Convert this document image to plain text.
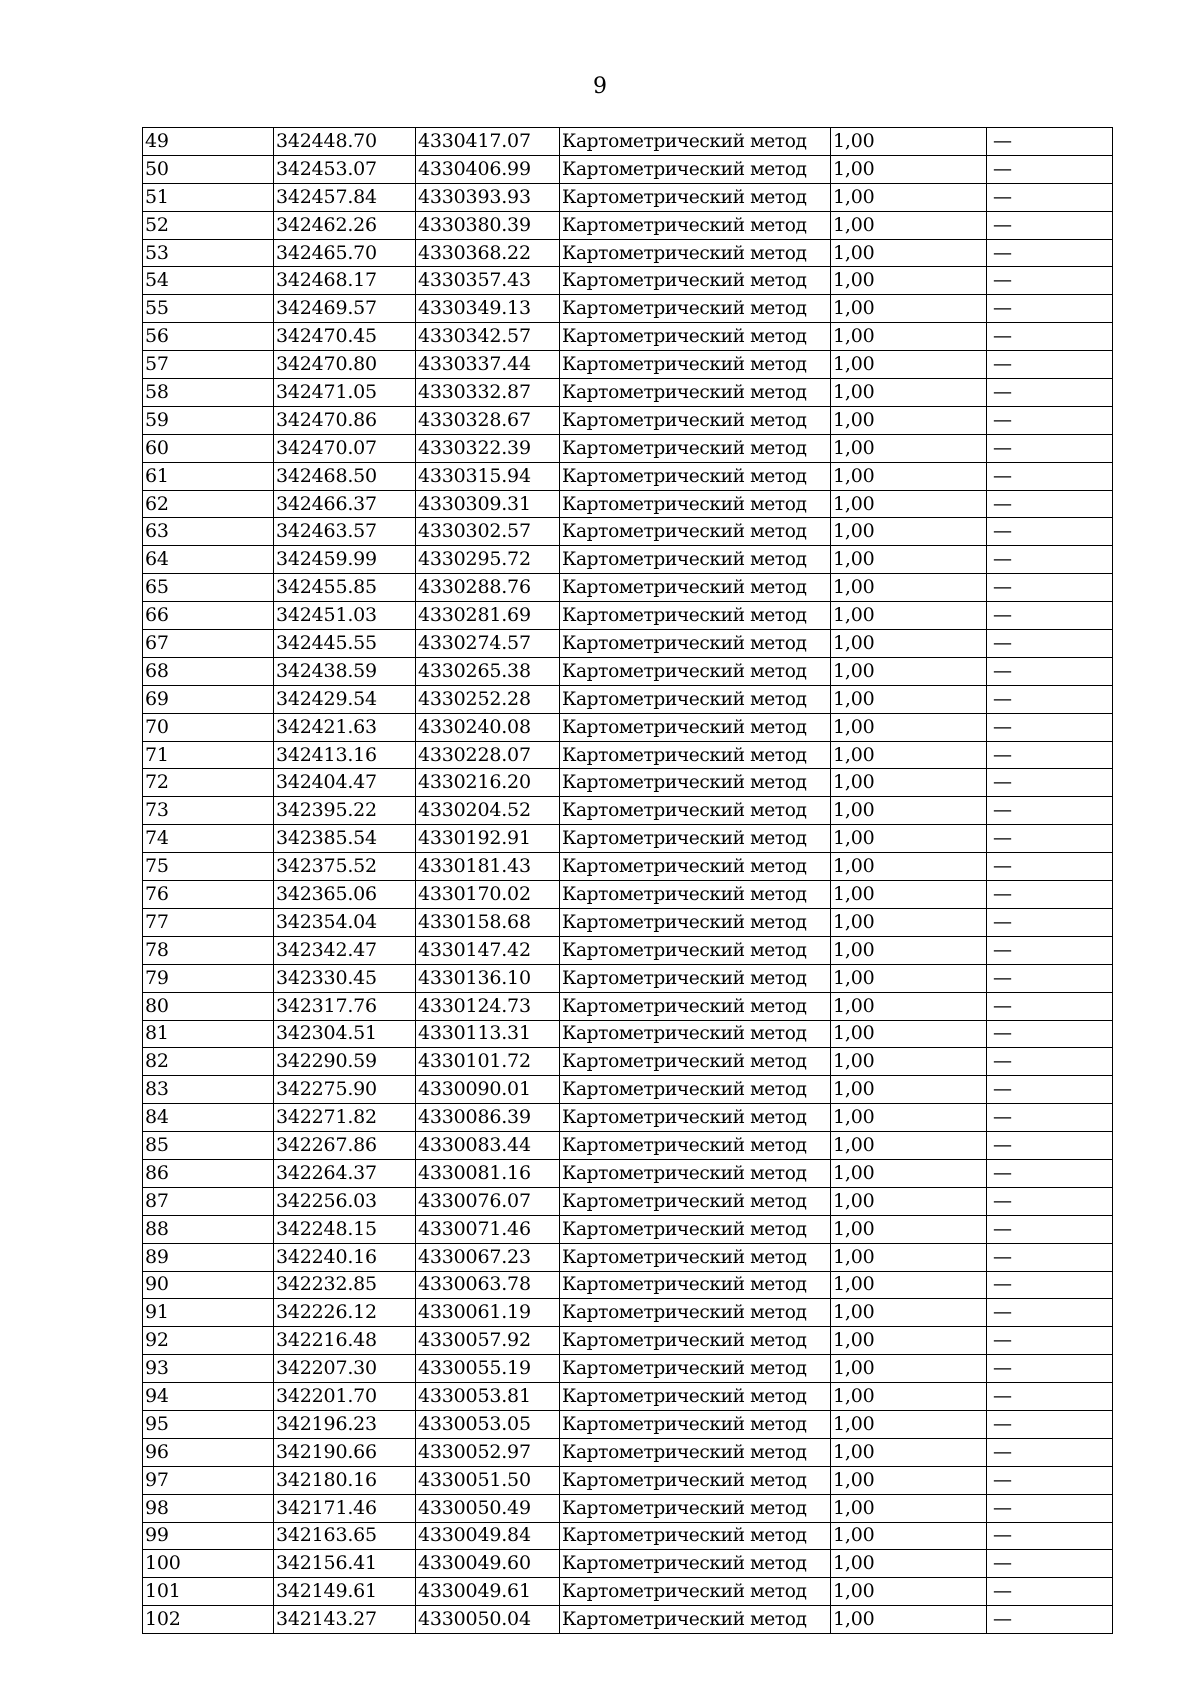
9
49	342448.70	4330417.07	Картометрический метод	1,00	—
50	342453.07	4330406.99	Картометрический метод	1,00	—
51	342457.84	4330393.93	Картометрический метод	1,00	—
52	342462.26	4330380.39	Картометрический метод	1,00	—
53	342465.70	4330368.22	Картометрический метод	1,00	—
54	342468.17	4330357.43	Картометрический метод	1,00	—
55	342469.57	4330349.13	Картометрический метод	1,00	—
56	342470.45	4330342.57	Картометрический метод	1,00	—
57	342470.80	4330337.44	Картометрический метод	1,00	—
58	342471.05	4330332.87	Картометрический метод	1,00	—
59	342470.86	4330328.67	Картометрический метод	1,00	—
60	342470.07	4330322.39	Картометрический метод	1,00	—
61	342468.50	4330315.94	Картометрический метод	1,00	—
62	342466.37	4330309.31	Картометрический метод	1,00	—
63	342463.57	4330302.57	Картометрический метод	1,00	—
64	342459.99	4330295.72	Картометрический метод	1,00	—
65	342455.85	4330288.76	Картометрический метод	1,00	—
66	342451.03	4330281.69	Картометрический метод	1,00	—
67	342445.55	4330274.57	Картометрический метод	1,00	—
68	342438.59	4330265.38	Картометрический метод	1,00	—
69	342429.54	4330252.28	Картометрический метод	1,00	—
70	342421.63	4330240.08	Картометрический метод	1,00	—
71	342413.16	4330228.07	Картометрический метод	1,00	—
72	342404.47	4330216.20	Картометрический метод	1,00	—
73	342395.22	4330204.52	Картометрический метод	1,00	—
74	342385.54	4330192.91	Картометрический метод	1,00	—
75	342375.52	4330181.43	Картометрический метод	1,00	—
76	342365.06	4330170.02	Картометрический метод	1,00	—
77	342354.04	4330158.68	Картометрический метод	1,00	—
78	342342.47	4330147.42	Картометрический метод	1,00	—
79	342330.45	4330136.10	Картометрический метод	1,00	—
80	342317.76	4330124.73	Картометрический метод	1,00	—
81	342304.51	4330113.31	Картометрический метод	1,00	—
82	342290.59	4330101.72	Картометрический метод	1,00	—
83	342275.90	4330090.01	Картометрический метод	1,00	—
84	342271.82	4330086.39	Картометрический метод	1,00	—
85	342267.86	4330083.44	Картометрический метод	1,00	—
86	342264.37	4330081.16	Картометрический метод	1,00	—
87	342256.03	4330076.07	Картометрический метод	1,00	—
88	342248.15	4330071.46	Картометрический метод	1,00	—
89	342240.16	4330067.23	Картометрический метод	1,00	—
90	342232.85	4330063.78	Картометрический метод	1,00	—
91	342226.12	4330061.19	Картометрический метод	1,00	—
92	342216.48	4330057.92	Картометрический метод	1,00	—
93	342207.30	4330055.19	Картометрический метод	1,00	—
94	342201.70	4330053.81	Картометрический метод	1,00	—
95	342196.23	4330053.05	Картометрический метод	1,00	—
96	342190.66	4330052.97	Картометрический метод	1,00	—
97	342180.16	4330051.50	Картометрический метод	1,00	—
98	342171.46	4330050.49	Картометрический метод	1,00	—
99	342163.65	4330049.84	Картометрический метод	1,00	—
100	342156.41	4330049.60	Картометрический метод	1,00	—
101	342149.61	4330049.61	Картометрический метод	1,00	—
102	342143.27	4330050.04	Картометрический метод	1,00	—
